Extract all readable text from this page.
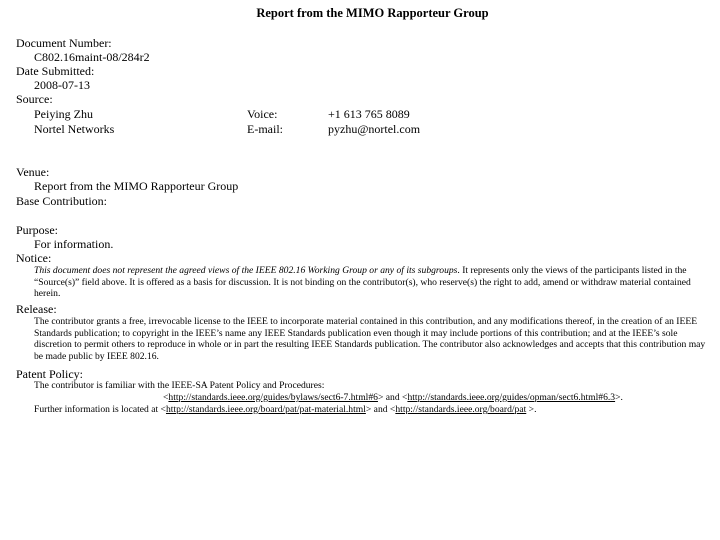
Report from the MIMO Rapporteur Group
Document Number:
C802.16maint-08/284r2
Date Submitted:
2008-07-13
Source:
Peiying Zhu
Nortel Networks
Voice:
E-mail:
+1 613 765 8089
pyzhu@nortel.com
Venue:
Report from the MIMO Rapporteur Group
Base Contribution:
Purpose:
For information.
Notice:
This document does not represent the agreed views of the IEEE 802.16 Working Group or any of its subgroups. It represents only the views of the participants listed in the “Source(s)” field above. It is offered as a basis for discussion. It is not binding on the contributor(s), who reserve(s) the right to add, amend or withdraw material contained herein.
Release:
The contributor grants a free, irrevocable license to the IEEE to incorporate material contained in this contribution, and any modifications thereof, in the creation of an IEEE Standards publication; to copyright in the IEEE’s name any IEEE Standards publication even though it may include portions of this contribution; and at the IEEE’s sole discretion to permit others to reproduce in whole or in part the resulting IEEE Standards publication. The contributor also acknowledges and accepts that this contribution may be made public by IEEE 802.16.
Patent Policy:
The contributor is familiar with the IEEE-SA Patent Policy and Procedures:
<http://standards.ieee.org/guides/bylaws/sect6-7.html#6> and <http://standards.ieee.org/guides/opman/sect6.html#6.3>.
Further information is located at <http://standards.ieee.org/board/pat/pat-material.html> and <http://standards.ieee.org/board/pat >.
